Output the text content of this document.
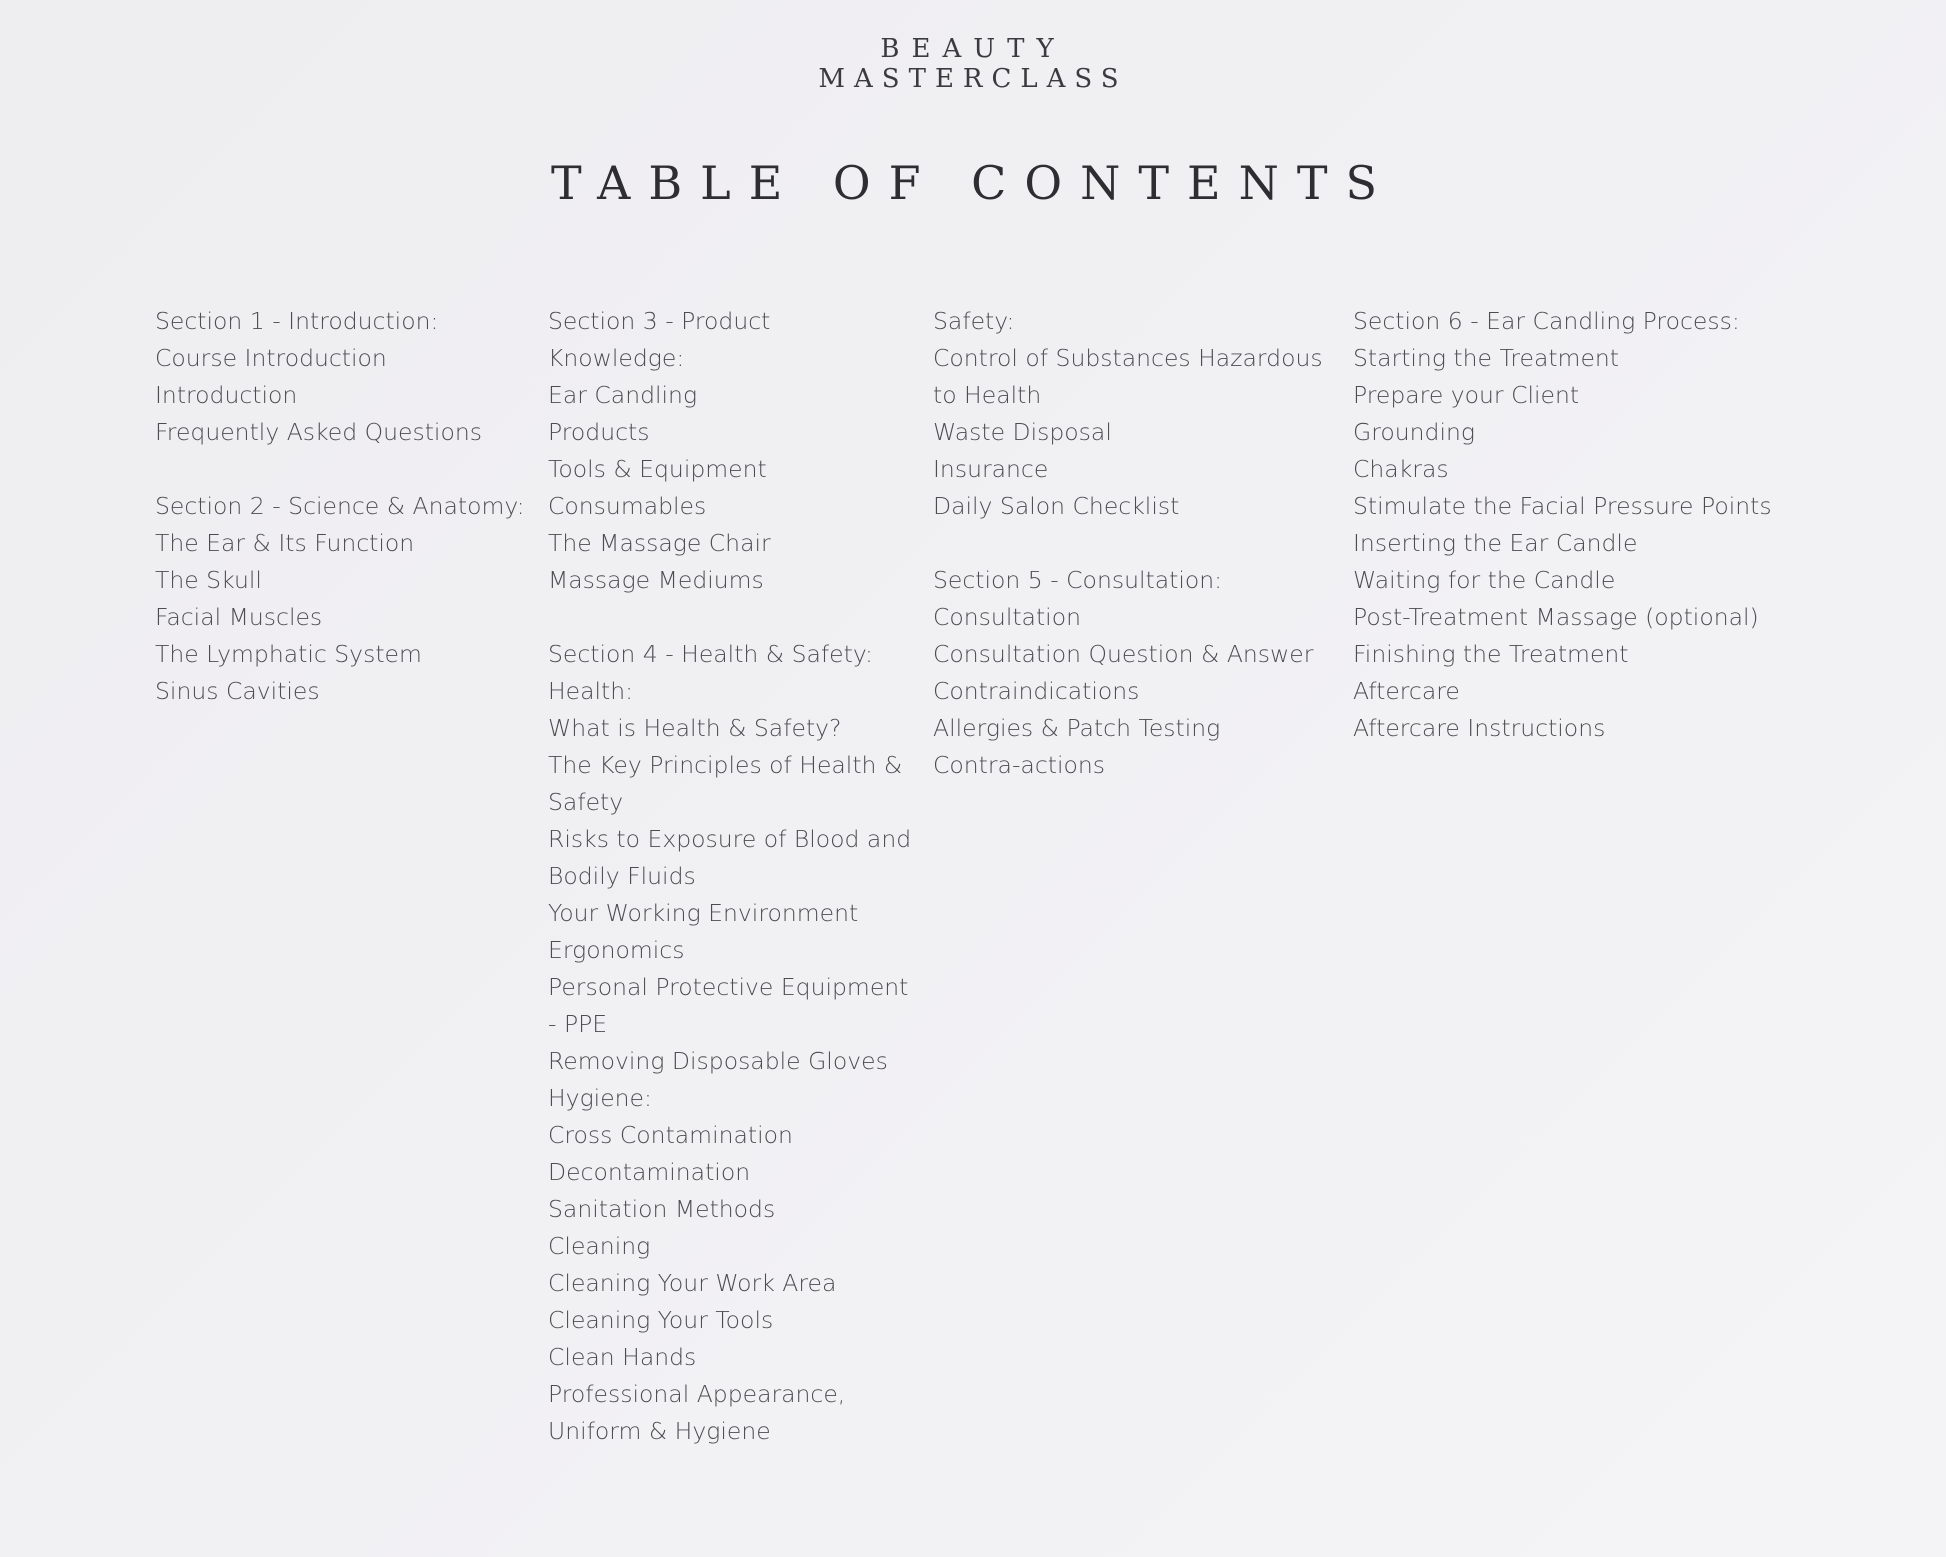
BEAUTY
MASTERCLASS
TABLE OF CONTENTS
Section 1 - Introduction:
Course Introduction
Introduction
Frequently Asked Questions
Section 2 - Science & Anatomy:
The Ear & Its Function
The Skull
Facial Muscles
The Lymphatic System
Sinus Cavities
Section 3 - Product Knowledge:
Ear Candling
Products
Tools & Equipment
Consumables
The Massage Chair
Massage Mediums
Section 4 - Health & Safety:
Health:
What is Health & Safety?
The Key Principles of Health & Safety
Risks to Exposure of Blood and Bodily Fluids
Your Working Environment
Ergonomics
Personal Protective Equipment - PPE
Removing Disposable Gloves
Hygiene:
Cross Contamination
Decontamination
Sanitation Methods
Cleaning
Cleaning Your Work Area
Cleaning Your Tools
Clean Hands
Professional Appearance, Uniform & Hygiene
Safety:
Control of Substances Hazardous to Health
Waste Disposal
Insurance
Daily Salon Checklist
Section 5 - Consultation:
Consultation
Consultation Question & Answer
Contraindications
Allergies & Patch Testing
Contra-actions
Section 6 - Ear Candling Process:
Starting the Treatment
Prepare your Client
Grounding
Chakras
Stimulate the Facial Pressure Points
Inserting the Ear Candle
Waiting for the Candle
Post-Treatment Massage (optional)
Finishing the Treatment
Aftercare
Aftercare Instructions
